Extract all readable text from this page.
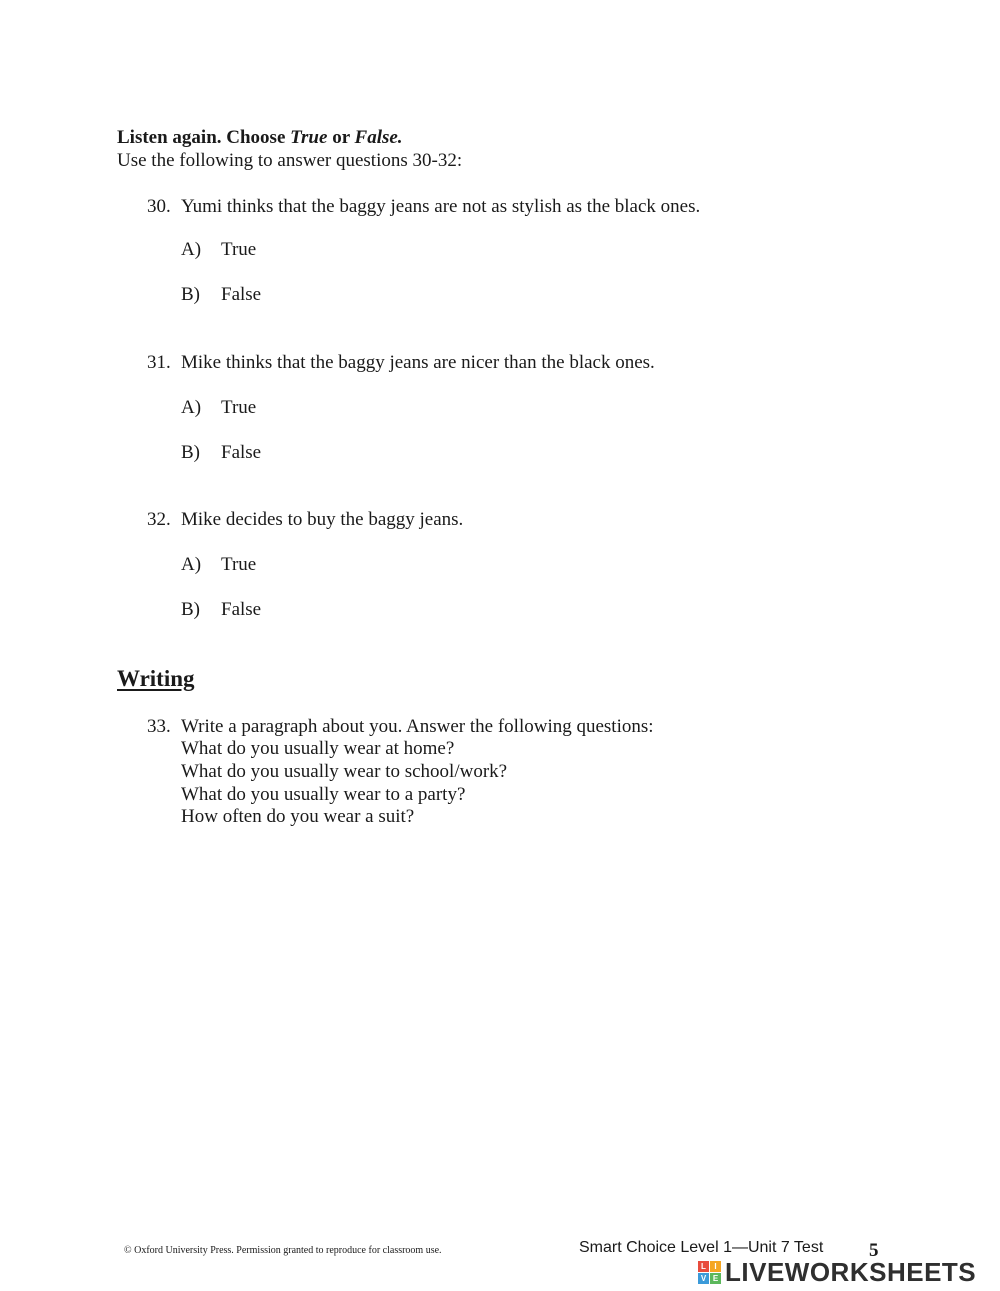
Listen again. Choose True or False.
Use the following to answer questions 30-32:
30. Yumi thinks that the baggy jeans are not as stylish as the black ones.
A) True
B) False
31. Mike thinks that the baggy jeans are nicer than the black ones.
A) True
B) False
32. Mike decides to buy the baggy jeans.
A) True
B) False
Writing
33. Write a paragraph about you. Answer the following questions:
What do you usually wear at home?
What do you usually wear to school/work?
What do you usually wear to a party?
How often do you wear a suit?
© Oxford University Press. Permission granted to reproduce for classroom use.	Smart Choice Level 1—Unit 7 Test 5
L	I
V E LIVEWORKSHEETS
